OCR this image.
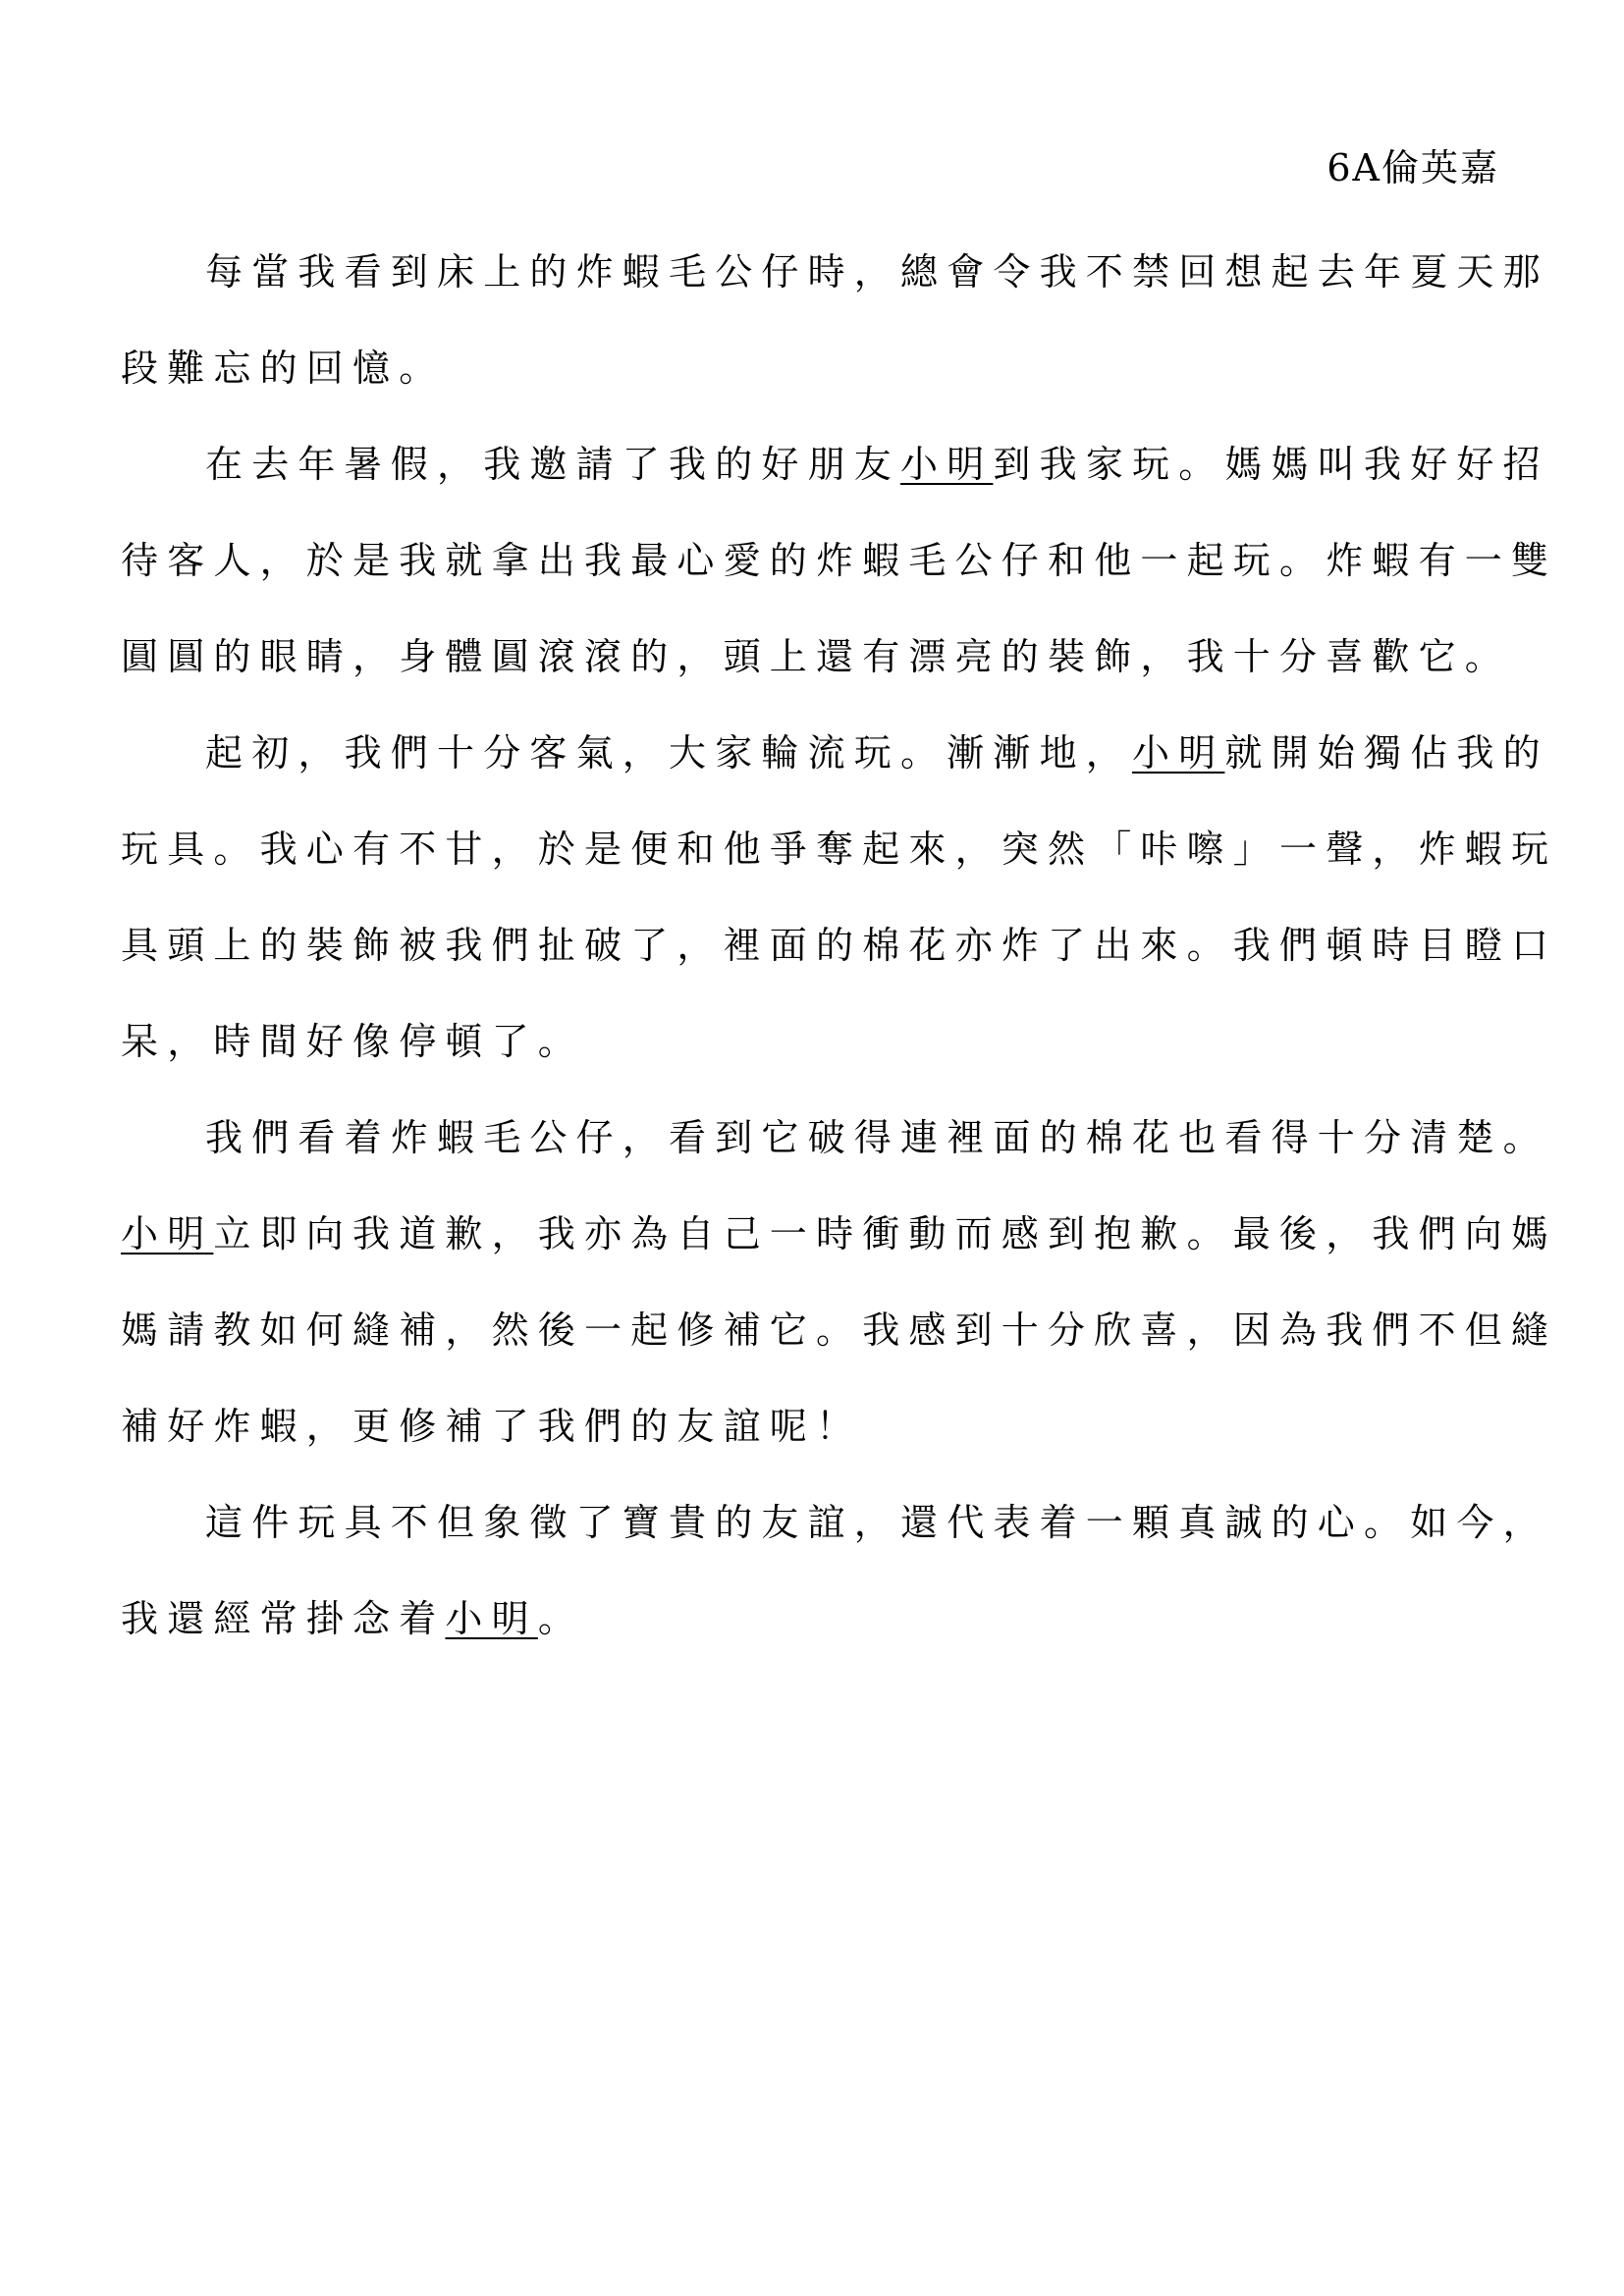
6A倫英嘉
每當我看到床上的炸蝦毛公仔時，總會令我不禁回想起去年夏天那
段難忘的回憶。
在去年暑假，我邀請了我的好朋友小明到我家玩。媽媽叫我好好招
待客人，於是我就拿出我最心愛的炸蝦毛公仔和他一起玩。炸蝦有一雙
圓圓的眼睛，身體圓滾滾的，頭上還有漂亮的裝飾，我十分喜歡它。
起初，我們十分客氣，大家輪流玩。漸漸地，小明就開始獨佔我的
玩具。我心有不甘，於是便和他爭奪起來，突然「咔嚓」一聲，炸蝦玩
具頭上的裝飾被我們扯破了，裡面的棉花亦炸了出來。我們頓時目瞪口
呆，時間好像停頓了。
我們看着炸蝦毛公仔，看到它破得連裡面的棉花也看得十分清楚。
小明立即向我道歉，我亦為自己一時衝動而感到抱歉。最後，我們向媽
媽請教如何縫補，然後一起修補它。我感到十分欣喜，因為我們不但縫
補好炸蝦，更修補了我們的友誼呢！
這件玩具不但象徵了寶貴的友誼，還代表着一顆真誠的心。如今，
我還經常掛念着小明。
